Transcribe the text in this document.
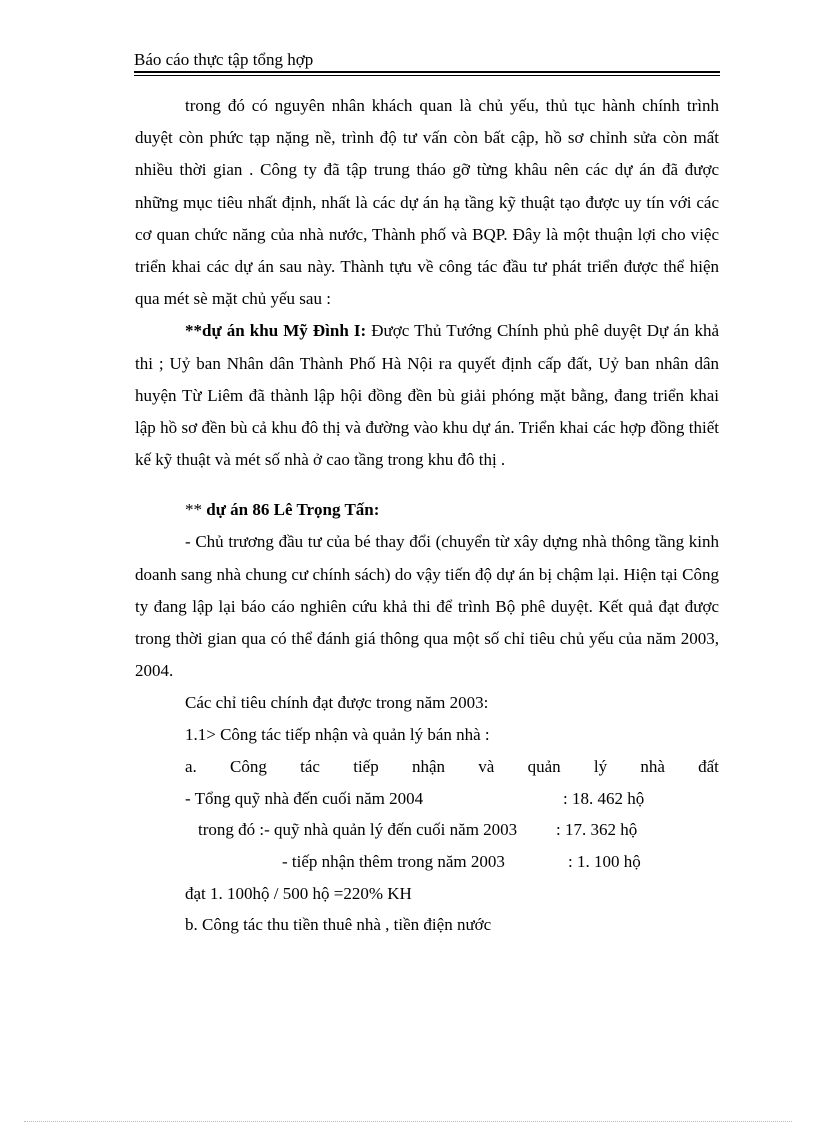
Báo cáo thực tập tổng hợp

trong đó có nguyên nhân khách quan là chủ yếu, thủ tục hành chính trình duyệt còn phức tạp nặng nề, trình độ tư vấn còn bất cập, hồ sơ chỉnh sửa còn mất nhiều thời gian . Công ty đã tập trung tháo gỡ từng khâu nên các dự án đã được những mục tiêu nhất định, nhất là các dự án hạ tầng kỹ thuật tạo được uy tín với các cơ quan chức năng của nhà nước, Thành phố và BQP. Đây là một thuận lợi cho việc triển khai các dự án sau này. Thành tựu về công tác đầu tư phát triển được thể hiện qua mét sè mặt chủ yếu sau :

**dự án khu Mỹ Đình I: Được Thủ Tướng Chính phủ phê duyệt Dự án khả thi ; Uỷ ban Nhân dân Thành Phố Hà Nội ra quyết định cấp đất, Uỷ ban nhân dân huyện Từ Liêm đã thành lập hội đồng đền bù giải phóng mặt bằng, đang triển khai lập hồ sơ đền bù cả khu đô thị và đường vào khu dự án. Triển khai các hợp đồng thiết kế kỹ thuật và mét số nhà ở cao tầng trong khu đô thị .

** dự án 86 Lê Trọng Tấn:

- Chủ trương đầu tư của bé thay đổi (chuyển từ xây dựng nhà thông tầng kinh doanh sang nhà chung cư chính sách) do vậy tiến độ dự án bị chậm lại. Hiện tại Công ty đang lập lại báo cáo nghiên cứu khả thi để trình Bộ phê duyệt. Kết quả đạt được trong thời gian qua có thể đánh giá thông qua một số chỉ tiêu chủ yếu của năm 2003, 2004.

Các chỉ tiêu chính đạt được trong năm 2003:

1.1> Công tác tiếp nhận và quản lý bán nhà :

a. Công tác tiếp nhận và quản lý nhà đất
- Tổng quỹ nhà đến cuối năm 2004	: 18. 462 hộ
trong đó :- quỹ nhà quản lý đến cuối năm 2003 : 17. 362 hộ
- tiếp nhận thêm trong năm 2003	: 1. 100 hộ

đạt 1. 100hộ / 500 hộ =220% KH

b. Công tác thu tiền thuê nhà , tiền điện nước
